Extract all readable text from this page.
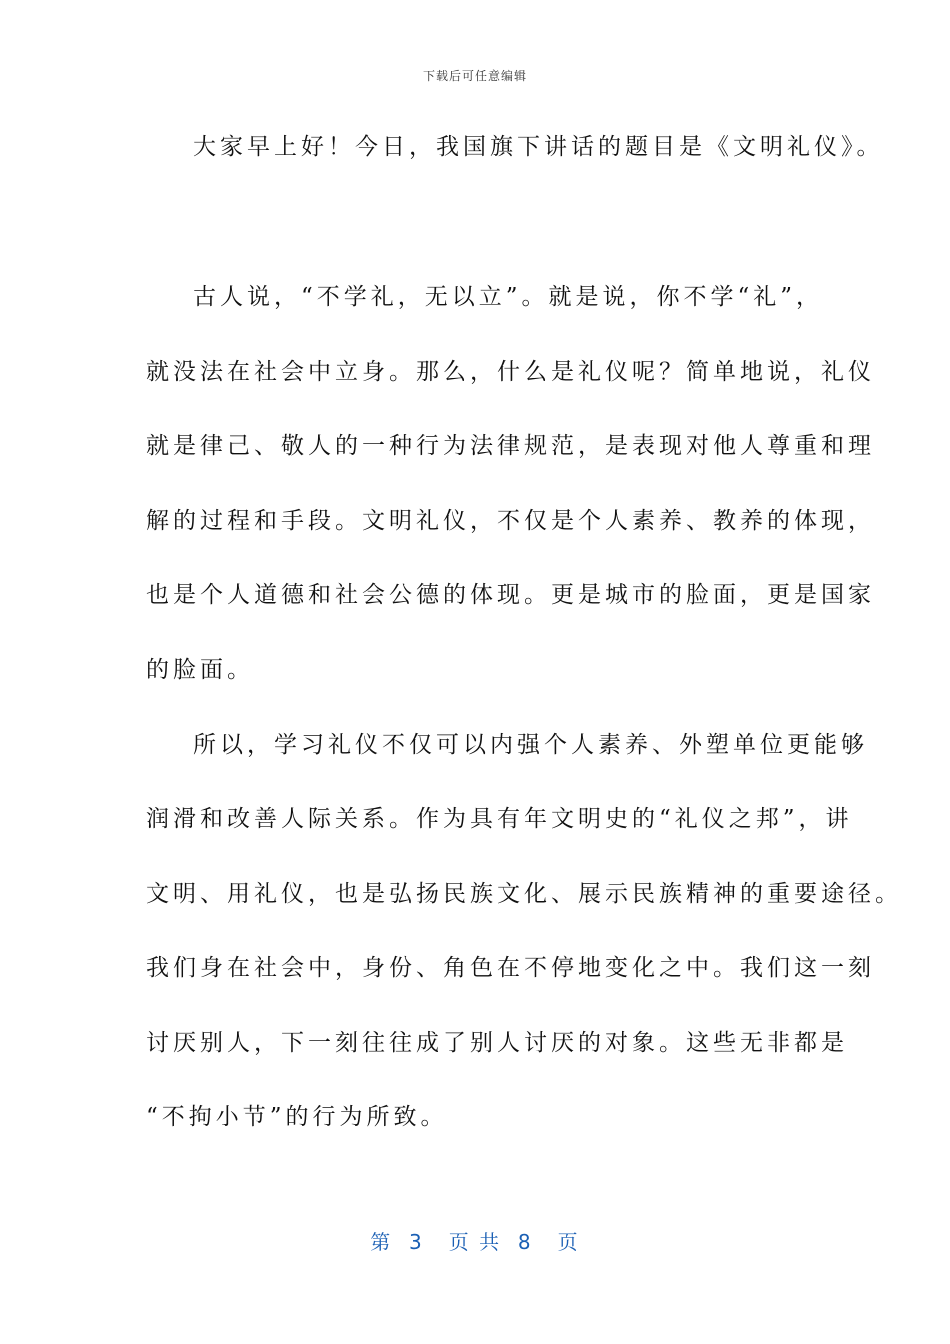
下载后可任意编辑
大家早上好！今日，我国旗下讲话的题目是《文明礼仪》。
古人说，“不学礼，无以立”。就是说，你不学“礼”，
就没法在社会中立身。那么，什么是礼仪呢？简单地说，礼仪
就是律己、敬人的一种行为法律规范，是表现对他人尊重和理
解的过程和手段。文明礼仪，不仅是个人素养、教养的体现，
也是个人道德和社会公德的体现。更是城市的脸面，更是国家
的脸面。
所以，学习礼仪不仅可以内强个人素养、外塑单位更能够
润滑和改善人际关系。作为具有年文明史的“礼仪之邦”，讲
文明、用礼仪，也是弘扬民族文化、展示民族精神的重要途径。
我们身在社会中，身份、角色在不停地变化之中。我们这一刻
讨厌别人，下一刻往往成了别人讨厌的对象。这些无非都是
“不拘小节”的行为所致。
第  3   页 共  8   页
